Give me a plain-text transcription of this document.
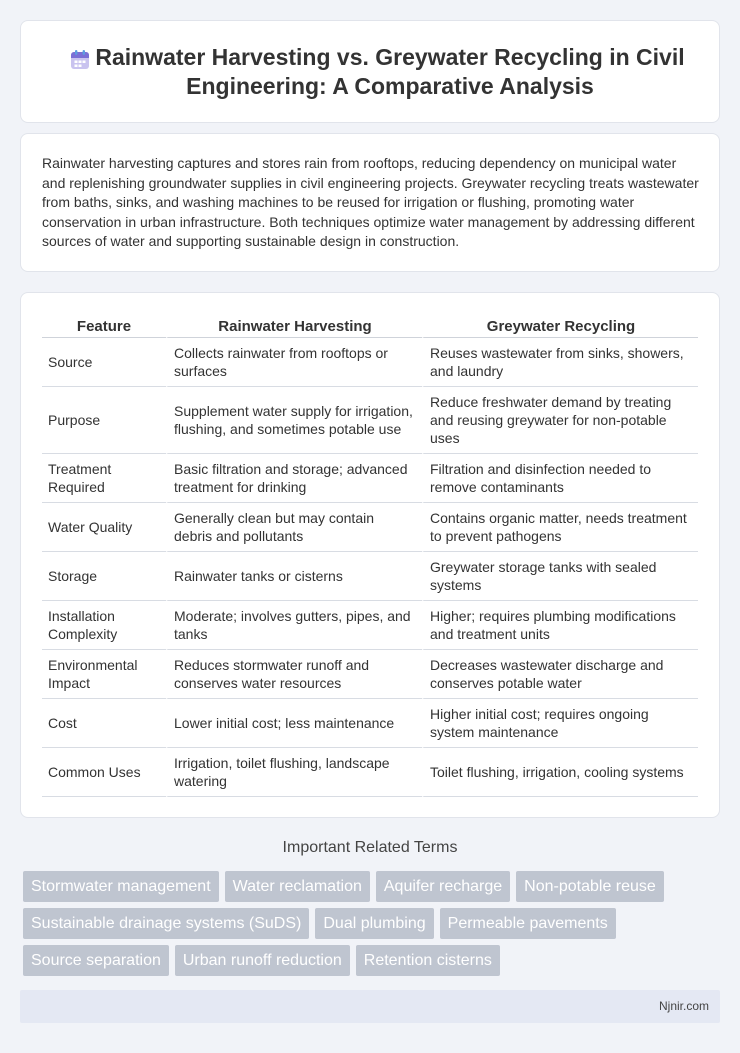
Rainwater Harvesting vs. Greywater Recycling in Civil Engineering: A Comparative Analysis

Rainwater harvesting captures and stores rain from rooftops, reducing dependency on municipal water and replenishing groundwater supplies in civil engineering projects. Greywater recycling treats wastewater from baths, sinks, and washing machines to be reused for irrigation or flushing, promoting water conservation in urban infrastructure. Both techniques optimize water management by addressing different sources of water and supporting sustainable design in construction.

Feature	Rainwater Harvesting	Greywater Recycling
Source	Collects rainwater from rooftops or surfaces	Reuses wastewater from sinks, showers, and laundry
Purpose	Supplement water supply for irrigation, flushing, and sometimes potable use	Reduce freshwater demand by treating and reusing greywater for non-potable uses
Treatment Required	Basic filtration and storage; advanced treatment for drinking	Filtration and disinfection needed to remove contaminants
Water Quality	Generally clean but may contain debris and pollutants	Contains organic matter, needs treatment to prevent pathogens
Storage	Rainwater tanks or cisterns	Greywater storage tanks with sealed systems
Installation Complexity	Moderate; involves gutters, pipes, and tanks	Higher; requires plumbing modifications and treatment units
Environmental Impact	Reduces stormwater runoff and conserves water resources	Decreases wastewater discharge and conserves potable water
Cost	Lower initial cost; less maintenance	Higher initial cost; requires ongoing system maintenance
Common Uses	Irrigation, toilet flushing, landscape watering	Toilet flushing, irrigation, cooling systems
Important Related Terms
Stormwater management	Water reclamation	Aquifer recharge	Non-potable reuse
Sustainable drainage systems (SuDS)	Dual plumbing	Permeable pavements
Source separation	Urban runoff reduction	Retention cisterns
Njnir.com
